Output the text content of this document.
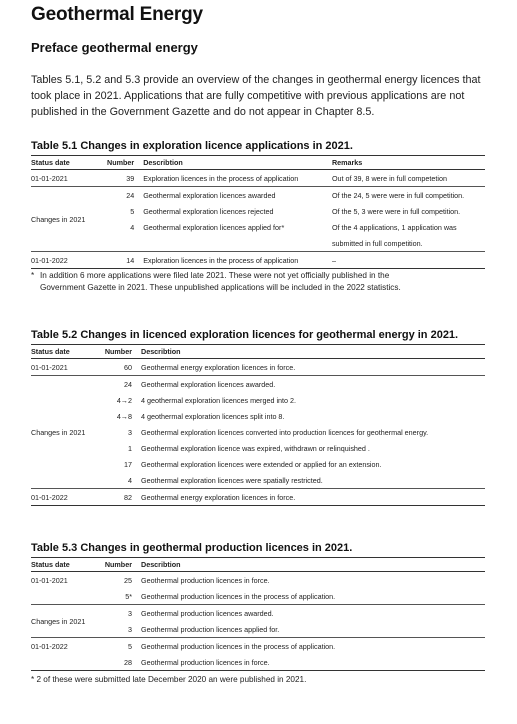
Geothermal Energy
Preface geothermal energy

Tables 5.1, 5.2 and 5.3 provide an overview of the changes in geothermal energy licences that took place in 2021. Applications that are fully competitive with previous applications are not published in the Government Gazette and do not appear in Chapter 8.5.

Table 5.1 Changes in exploration licence applications in 2021.

Status date	Number	Describtion	Remarks
01-01-2021	39	Exploration licences in the process of application	Out of 39, 8 were in full competetion
Changes in 2021	24	Geothermal exploration licences awarded	Of the 24, 5 were were in full competition.
	5	Geothermal exploration licences rejected	Of the 5, 3 were were in full competition.
	4	Geothermal exploration licences applied for*	Of the 4 applications, 1 application was
			submitted in full competition.
01-01-2022	14	Exploration licences in the process of application	–

* In addition 6 more applications were filed late 2021. These were not yet officially published in the
Government Gazette in 2021. These unpublished applications will be included in the 2022 statistics.

Table 5.2 Changes in licenced exploration licences for geothermal energy in 2021.

Status date	Number	Describtion
01-01-2021	60	Geothermal energy exploration licences in force.
Changes in 2021	24	Geothermal exploration licences awarded.
	4→2	4 geothermal exploration licences merged into 2.
	4→8	4 geothermal exploration licences split into 8.
	3	Geothermal exploration licences converted into production licences for geothermal energy.
	1	Geothermal exploration licence was expired, withdrawn or relinquished .
	17	Geothermal exploration licences were extended or applied for an extension.
	4	Geothermal exploration licences were spatially restricted.
01-01-2022	82	Geothermal energy exploration licences in force.

Table 5.3 Changes in geothermal production licences in 2021.

Status date	Number	Describtion
01-01-2021	25	Geothermal production licences in force.
	5*	Geothermal production licences in the process of application.
Changes in 2021	3	Geothermal production licences awarded.
	3	Geothermal production licences applied for.
01-01-2022	5	Geothermal production licences in the process of application.
	28	Geothermal production licences in force.

* 2 of these were submitted late December 2020 an were published in 2021.
